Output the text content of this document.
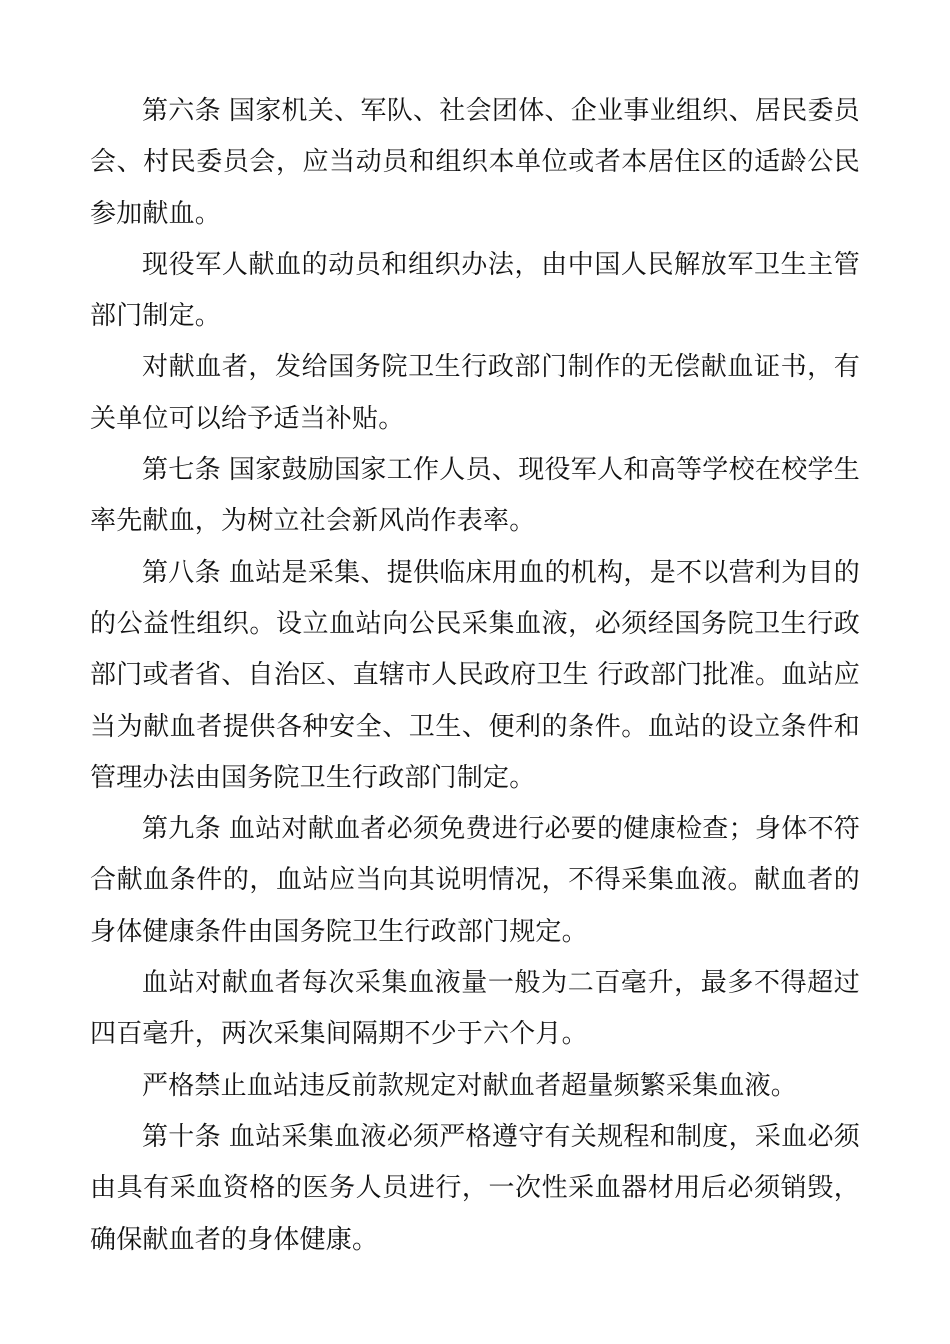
第六条 国家机关、军队、社会团体、企业事业组织、居民委员会、村民委员会，应当动员和组织本单位或者本居住区的适龄公民参加献血。

现役军人献血的动员和组织办法，由中国人民解放军卫生主管部门制定。

对献血者，发给国务院卫生行政部门制作的无偿献血证书，有关单位可以给予适当补贴。

第七条 国家鼓励国家工作人员、现役军人和高等学校在校学生率先献血，为树立社会新风尚作表率。

第八条 血站是采集、提供临床用血的机构，是不以营利为目的的公益性组织。设立血站向公民采集血液，必须经国务院卫生行政部门或者省、自治区、直辖市人民政府卫生 行政部门批准。血站应当为献血者提供各种安全、卫生、便利的条件。血站的设立条件和管理办法由国务院卫生行政部门制定。

第九条 血站对献血者必须免费进行必要的健康检查；身体不符合献血条件的，血站应当向其说明情况，不得采集血液。献血者的身体健康条件由国务院卫生行政部门规定。

血站对献血者每次采集血液量一般为二百毫升，最多不得超过四百毫升，两次采集间隔期不少于六个月。

严格禁止血站违反前款规定对献血者超量频繁采集血液。

第十条 血站采集血液必须严格遵守有关规程和制度，采血必须由具有采血资格的医务人员进行，一次性采血器材用后必须销毁，确保献血者的身体健康。
